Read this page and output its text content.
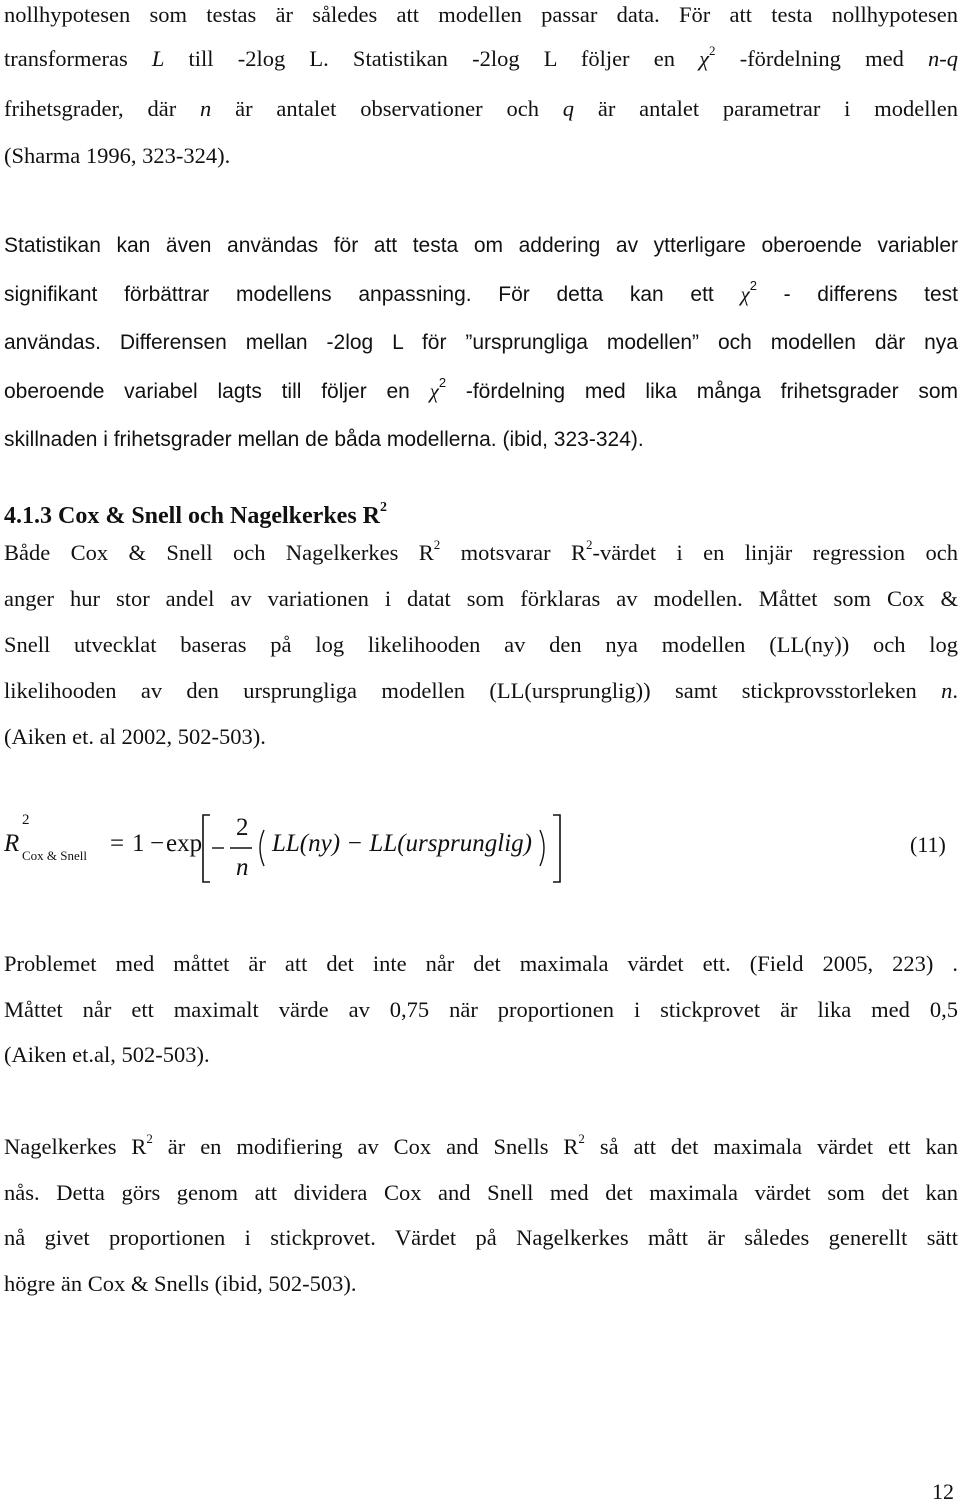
nollhypotesen som testas är således att modellen passar data. För att testa nollhypotesen
transformeras L till -2log L. Statistikan -2log L följer en $\chi^2$ -fördelning med n-q
frihetsgrader, där n är antalet observationer och q är antalet parametrar i modellen
(Sharma 1996, 323-324).
Statistikan kan även användas för att testa om addering av ytterligare oberoende variabler
signifikant förbättrar modellens anpassning. För detta kan ett $\chi^2$ - differens test
användas. Differensen mellan -2log L för ”ursprungliga modellen” och modellen där nya
oberoende variabel lagts till följer en $\chi^2$ -fördelning med lika många frihetsgrader som
skillnaden i frihetsgrader mellan de båda modellerna. (ibid, 323-324).
4.1.3 Cox & Snell och Nagelkerkes $R^2$
Både Cox & Snell och Nagelkerkes $R^2$ motsvarar $R^2$-värdet i en linjär regression och
anger hur stor andel av variationen i datat som förklaras av modellen. Måttet som Cox &
Snell utvecklat baseras på log likelihooden av den nya modellen (LL(ny)) och log
likelihooden av den ursprungliga modellen (LL(ursprunglig)) samt stickprovsstorleken n.
(Aiken et. al 2002, 502-503).
R
2
Cox & Snell = 1 − exp
2
n
LL(ny) − LL(ursprunglig)	(11)
Problemet med måttet är att det inte når det maximala värdet ett. (Field 2005, 223) .
Måttet når ett maximalt värde av 0,75 när proportionen i stickprovet är lika med 0,5
(Aiken et.al, 502-503).
Nagelkerkes $R^2$ är en modifiering av Cox and Snells $R^2$ så att det maximala värdet ett kan
nås. Detta görs genom att dividera Cox and Snell med det maximala värdet som det kan
nå givet proportionen i stickprovet. Värdet på Nagelkerkes mått är således generellt sätt
högre än Cox & Snells (ibid, 502-503).
12
